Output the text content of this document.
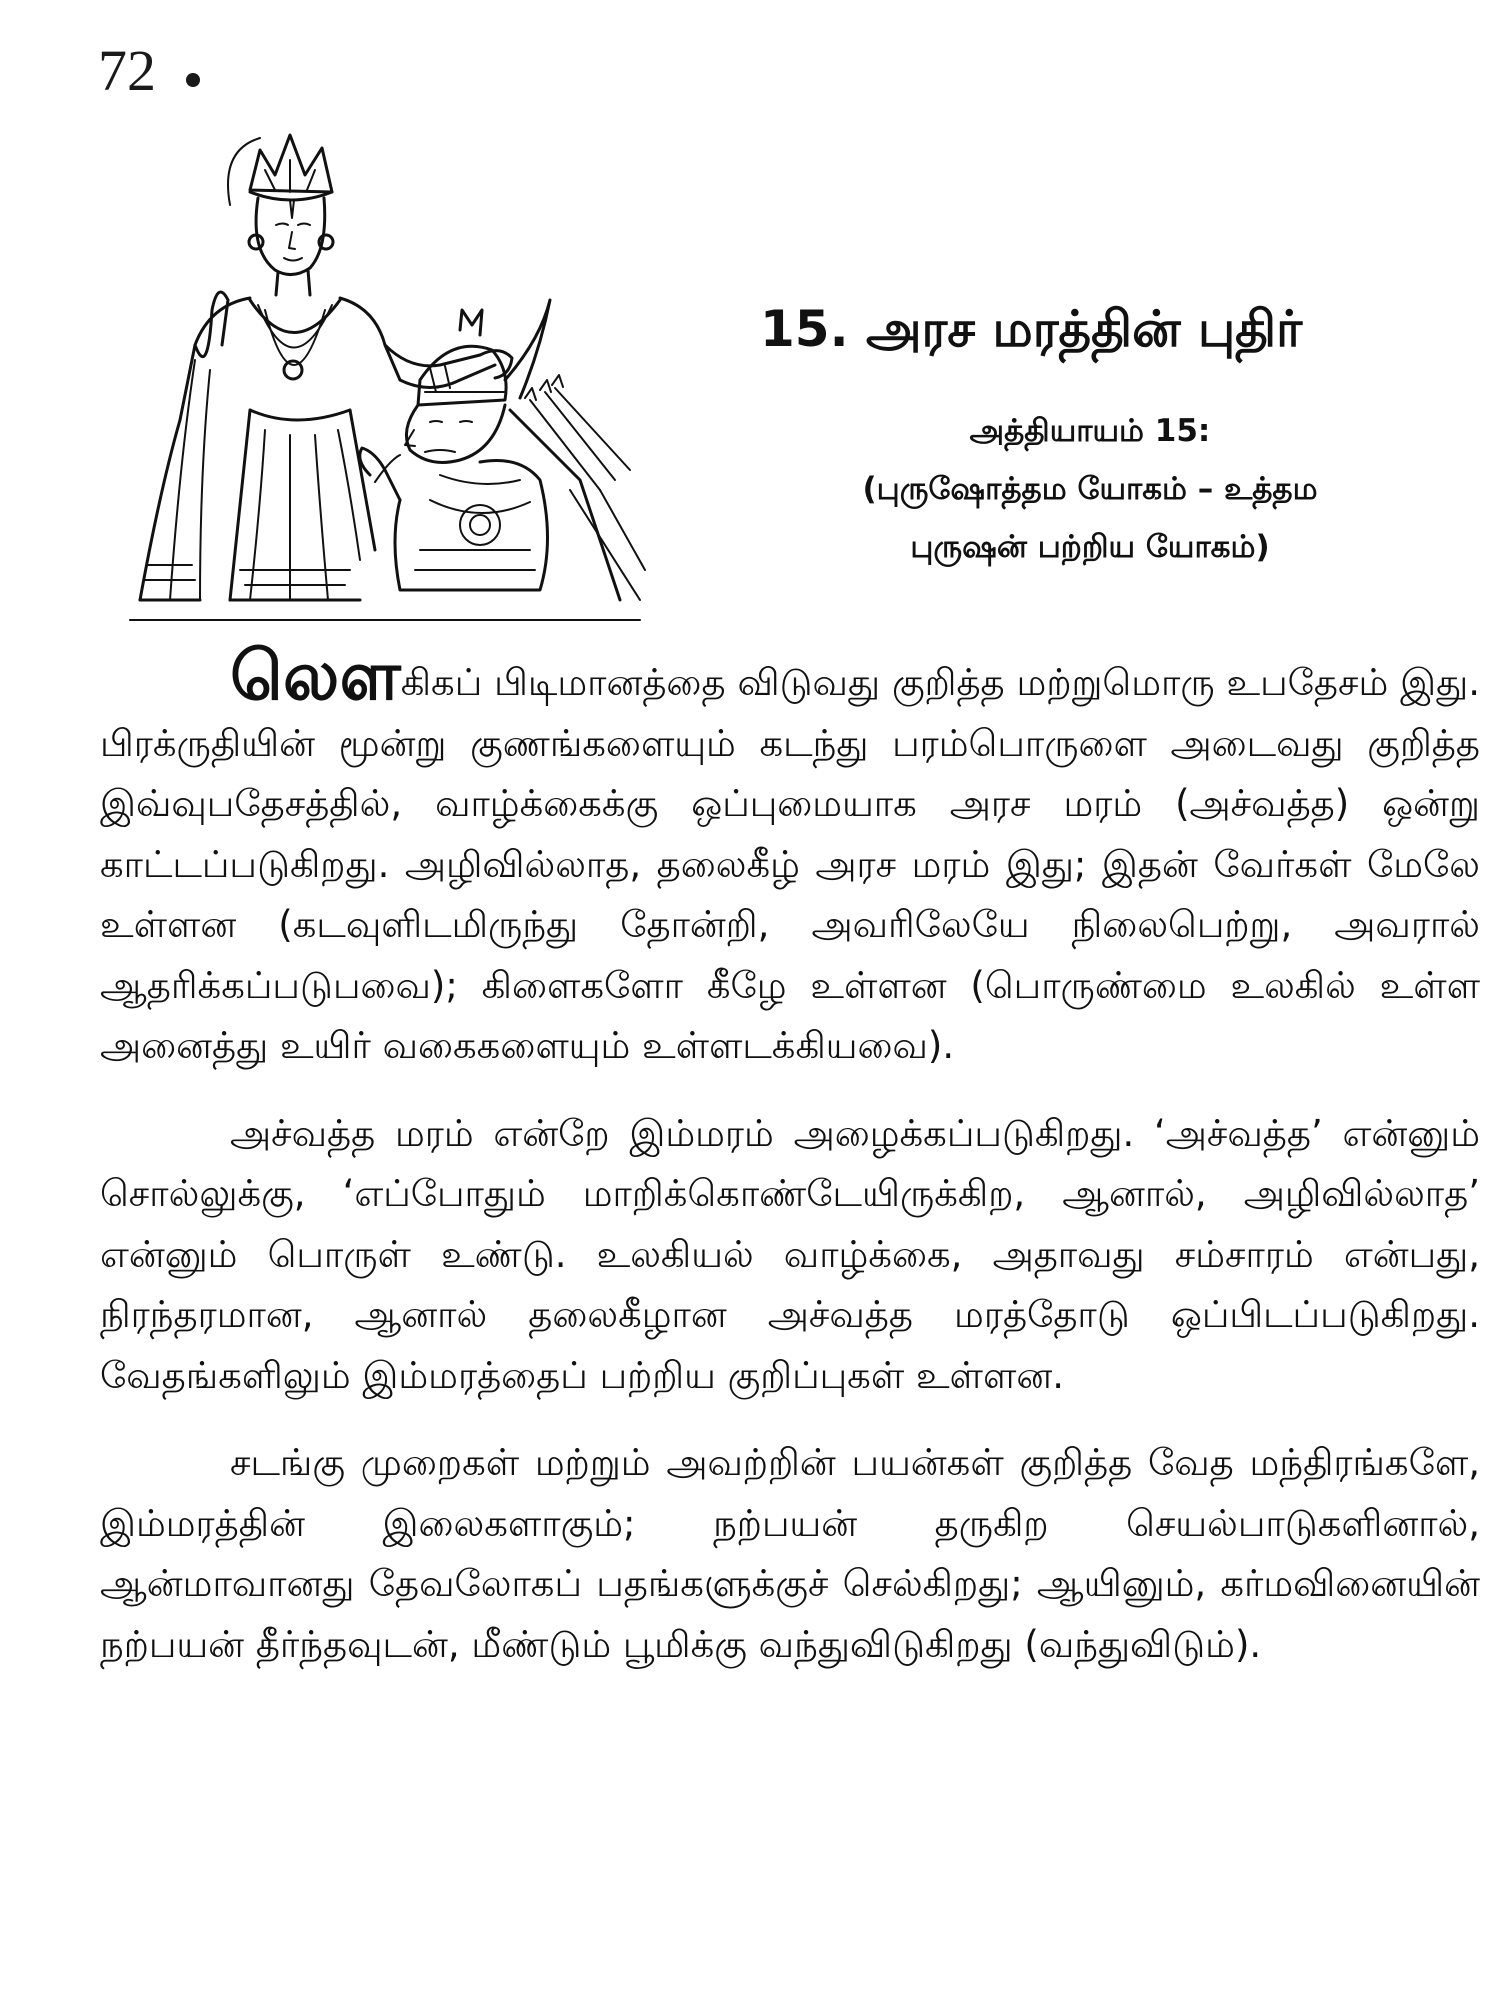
72
15. அரச மரத்தின் புதிர்
அத்தியாயம் 15:
(புருஷோத்தம யோகம் – உத்தம
புருஷன் பற்றிய யோகம்)

லௌகிகப் பிடிமானத்தை விடுவது குறித்த மற்றுமொரு உபதேசம் இது. பிரக்ருதியின் மூன்று குணங்களையும் கடந்து பரம்பொருளை அடைவது குறித்த இவ்வுபதேசத்தில், வாழ்க்கைக்கு ஒப்புமையாக அரச மரம் (அச்வத்த) ஒன்று காட்டப்படுகிறது. அழிவில்லாத, தலைகீழ் அரச மரம் இது; இதன் வேர்கள் மேலே உள்ளன (கடவுளிடமிருந்து தோன்றி, அவரிலேயே நிலைபெற்று, அவரால் ஆதரிக்கப்படுபவை); கிளைகளோ கீழே உள்ளன (பொருண்மை உலகில் உள்ள அனைத்து உயிர் வகைகளையும் உள்ளடக்கியவை).

அச்வத்த மரம் என்றே இம்மரம் அழைக்கப்படுகிறது. ‘அச்வத்த’ என்னும் சொல்லுக்கு, ‘எப்போதும் மாறிக்கொண்டேயிருக்கிற, ஆனால், அழிவில்லாத’ என்னும் பொருள் உண்டு. உலகியல் வாழ்க்கை, அதாவது சம்சாரம் என்பது, நிரந்தரமான, ஆனால் தலைகீழான அச்வத்த மரத்தோடு ஒப்பிடப்படுகிறது. வேதங்களிலும் இம்மரத்தைப் பற்றிய குறிப்புகள் உள்ளன.

சடங்கு முறைகள் மற்றும் அவற்றின் பயன்கள் குறித்த வேத மந்திரங்களே, இம்மரத்தின் இலைகளாகும்; நற்பயன் தருகிற செயல்பாடுகளினால், ஆன்மாவானது தேவலோகப் பதங்களுக்குச் செல்கிறது; ஆயினும், கர்மவினையின் நற்பயன் தீர்ந்தவுடன், மீண்டும் பூமிக்கு வந்துவிடுகிறது (வந்துவிடும்).
